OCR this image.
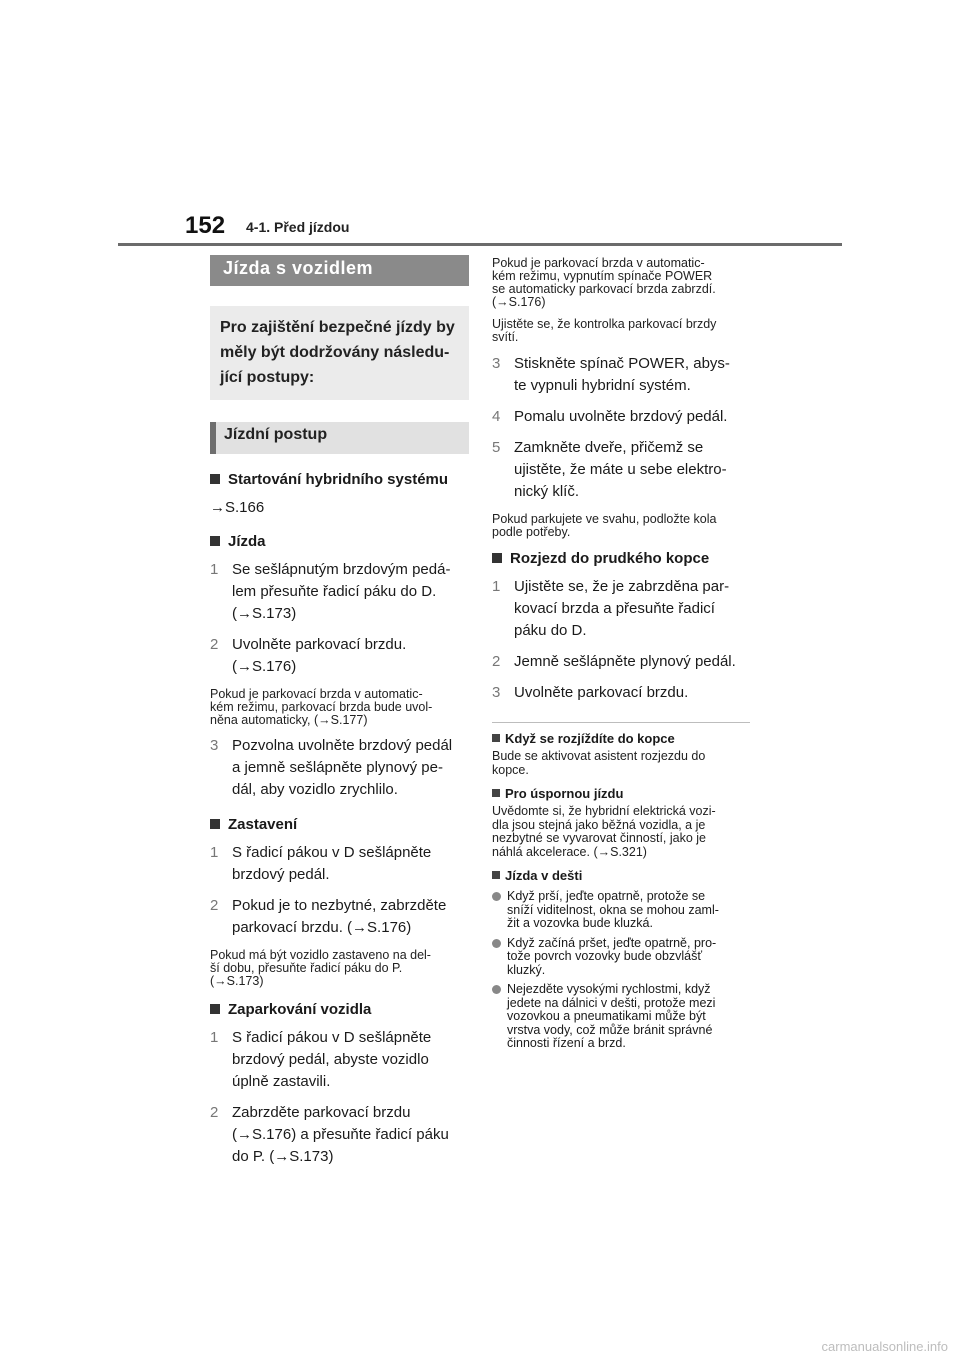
152 4-1. Před jízdou
Jízda s vozidlem
Pro zajištění bezpečné jízdy by
měly být dodržovány následu-
jící postupy:
Jízdní postup
Startování hybridního systému
→S.166
Jízda
1 Se sešlápnutým brzdovým pedá-
lem přesuňte řadicí páku do D.
(→S.173)
2 Uvolněte parkovací brzdu.
(→S.176)
Pokud je parkovací brzda v automatic-
kém režimu, parkovací brzda bude uvol-
něna automaticky, (→S.177)
3 Pozvolna uvolněte brzdový pedál
a jemně sešlápněte plynový pe-
dál, aby vozidlo zrychlilo.
Zastavení
1 S řadicí pákou v D sešlápněte
brzdový pedál.
2 Pokud je to nezbytné, zabrzděte
parkovací brzdu. (→S.176)
Pokud má být vozidlo zastaveno na del-
ší dobu, přesuňte řadicí páku do P.
(→S.173)
Zaparkování vozidla
1 S řadicí pákou v D sešlápněte
brzdový pedál, abyste vozidlo
úplně zastavili.
2 Zabrzděte parkovací brzdu
(→S.176) a přesuňte řadicí páku
do P. (→S.173)
Pokud je parkovací brzda v automatic-
kém režimu, vypnutím spínače POWER
se automaticky parkovací brzda zabrzdí.
(→S.176)
Ujistěte se, že kontrolka parkovací brzdy
svítí.
3 Stiskněte spínač POWER, abys-
te vypnuli hybridní systém.
4 Pomalu uvolněte brzdový pedál.
5 Zamkněte dveře, přičemž se
ujistěte, že máte u sebe elektro-
nický klíč.
Pokud parkujete ve svahu, podložte kola
podle potřeby.
Rozjezd do prudkého kopce
1 Ujistěte se, že je zabrzděna par-
kovací brzda a přesuňte řadicí
páku do D.
2 Jemně sešlápněte plynový pedál.
3 Uvolněte parkovací brzdu.
Když se rozjíždíte do kopce
Bude se aktivovat asistent rozjezdu do
kopce.
Pro úspornou jízdu
Uvědomte si, že hybridní elektrická vozi-
dla jsou stejná jako běžná vozidla, a je
nezbytné se vyvarovat činností, jako je
náhlá akcelerace. (→S.321)
Jízda v dešti
Když prší, jeďte opatrně, protože se
sníží viditelnost, okna se mohou zaml-
žit a vozovka bude kluzká.
Když začíná pršet, jeďte opatrně, pro-
tože povrch vozovky bude obzvlášť
kluzký.
Nejezděte vysokými rychlostmi, když
jedete na dálnici v dešti, protože mezi
vozovkou a pneumatikami může být
vrstva vody, což může bránit správné
činnosti řízení a brzd.
carmanualsonline.info
